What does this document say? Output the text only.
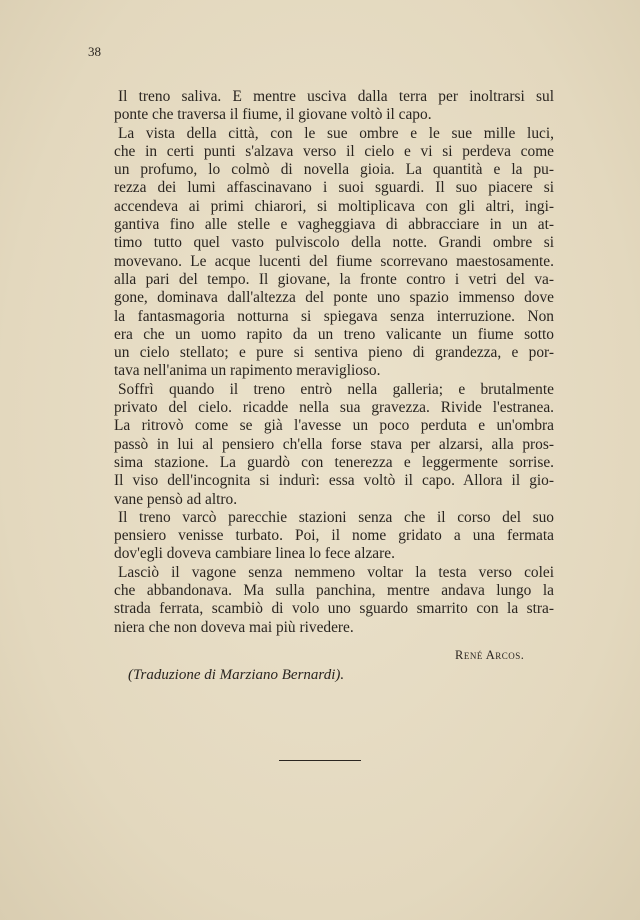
38
Il treno saliva. E mentre usciva dalla terra per inoltrarsi sul
ponte che traversa il fiume, il giovane voltò il capo.
La vista della città, con le sue ombre e le sue mille luci,
che in certi punti s'alzava verso il cielo e vi si perdeva come
un profumo, lo colmò di novella gioia. La quantità e la pu-
rezza dei lumi affascinavano i suoi sguardi. Il suo piacere si
accendeva ai primi chiarori, si moltiplicava con gli altri, ingi-
gantiva fino alle stelle e vagheggiava di abbracciare in un at-
timo tutto quel vasto pulviscolo della notte. Grandi ombre si
movevano. Le acque lucenti del fiume scorrevano maestosamente.
alla pari del tempo. Il giovane, la fronte contro i vetri del va-
gone, dominava dall'altezza del ponte uno spazio immenso dove
la fantasmagoria notturna si spiegava senza interruzione. Non
era che un uomo rapito da un treno valicante un fiume sotto
un cielo stellato; e pure si sentiva pieno di grandezza, e por-
tava nell'anima un rapimento meraviglioso.
Soffrì quando il treno entrò nella galleria; e brutalmente
privato del cielo. ricadde nella sua gravezza. Rivide l'estranea.
La ritrovò come se già l'avesse un poco perduta e un'ombra
passò in lui al pensiero ch'ella forse stava per alzarsi, alla pros-
sima stazione. La guardò con tenerezza e leggermente sorrise.
Il viso dell'incognita si indurì: essa voltò il capo. Allora il gio-
vane pensò ad altro.
Il treno varcò parecchie stazioni senza che il corso del suo
pensiero venisse turbato. Poi, il nome gridato a una fermata
dov'egli doveva cambiare linea lo fece alzare.
Lasciò il vagone senza nemmeno voltar la testa verso colei
che abbandonava. Ma sulla panchina, mentre andava lungo la
strada ferrata, scambiò di volo uno sguardo smarrito con la stra-
niera che non doveva mai più rivedere.
René Arcos.
(Traduzione di Marziano Bernardi).
